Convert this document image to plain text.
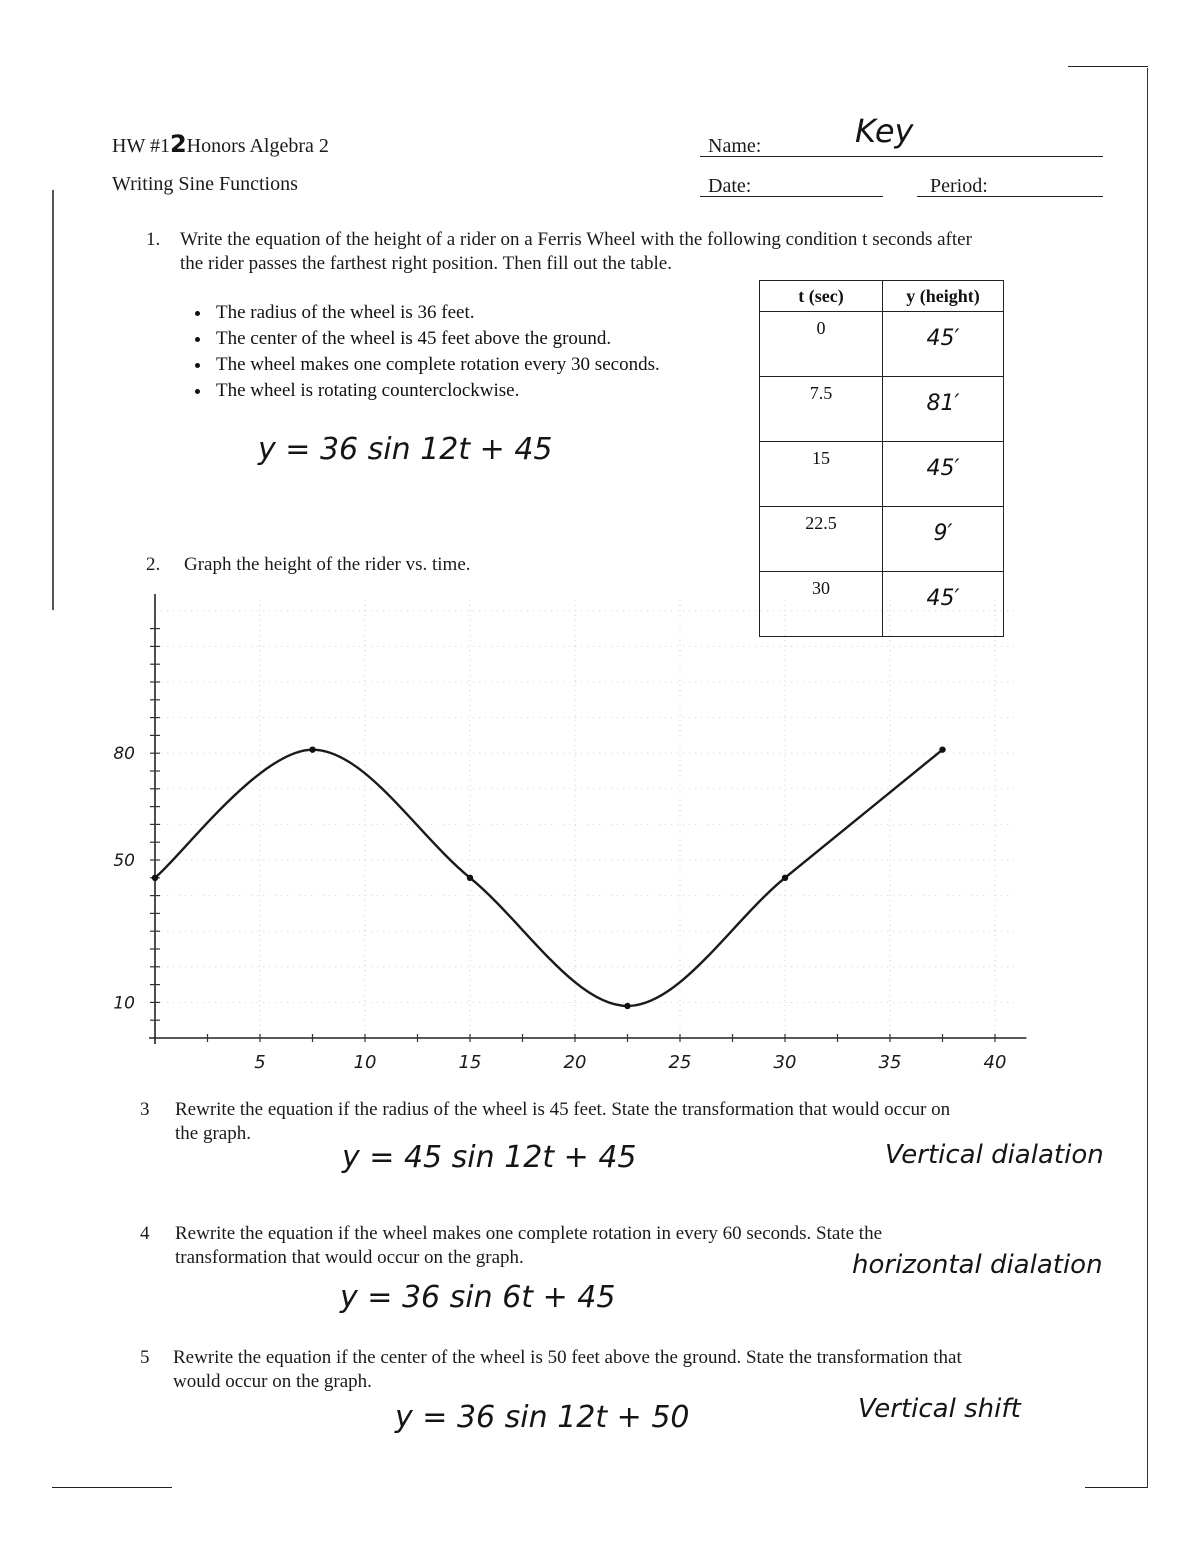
HW #12Honors Algebra 2
Writing Sine Functions
Name:	Key
Date:	Period:
1. Write the equation of the height of a rider on a Ferris Wheel with the following condition t seconds after
the rider passes the farthest right position. Then fill out the table.
• The radius of the wheel is 36 feet.
• The center of the wheel is 45 feet above the ground.
• The wheel makes one complete rotation every 30 seconds.
• The wheel is rotating counterclockwise.
y = 36 sin 12t + 45
t (sec)	y (height)
0	45′
7.5	81′
15	45′
22.5	9′
30	45′
2. Graph the height of the rider vs. time.
80
50
10
5	10	15	20	25	30	35	40
3 Rewrite the equation if the radius of the wheel is 45 feet. State the transformation that would occur on
the graph.
y = 45 sin 12t + 45	Vertical dialation
4 Rewrite the equation if the wheel makes one complete rotation in every 60 seconds. State the
transformation that would occur on the graph.
y = 36 sin 6t + 45
horizontal dialation
5 Rewrite the equation if the center of the wheel is 50 feet above the ground. State the transformation that
would occur on the graph.
y = 36 sin 12t + 50	Vertical shift
